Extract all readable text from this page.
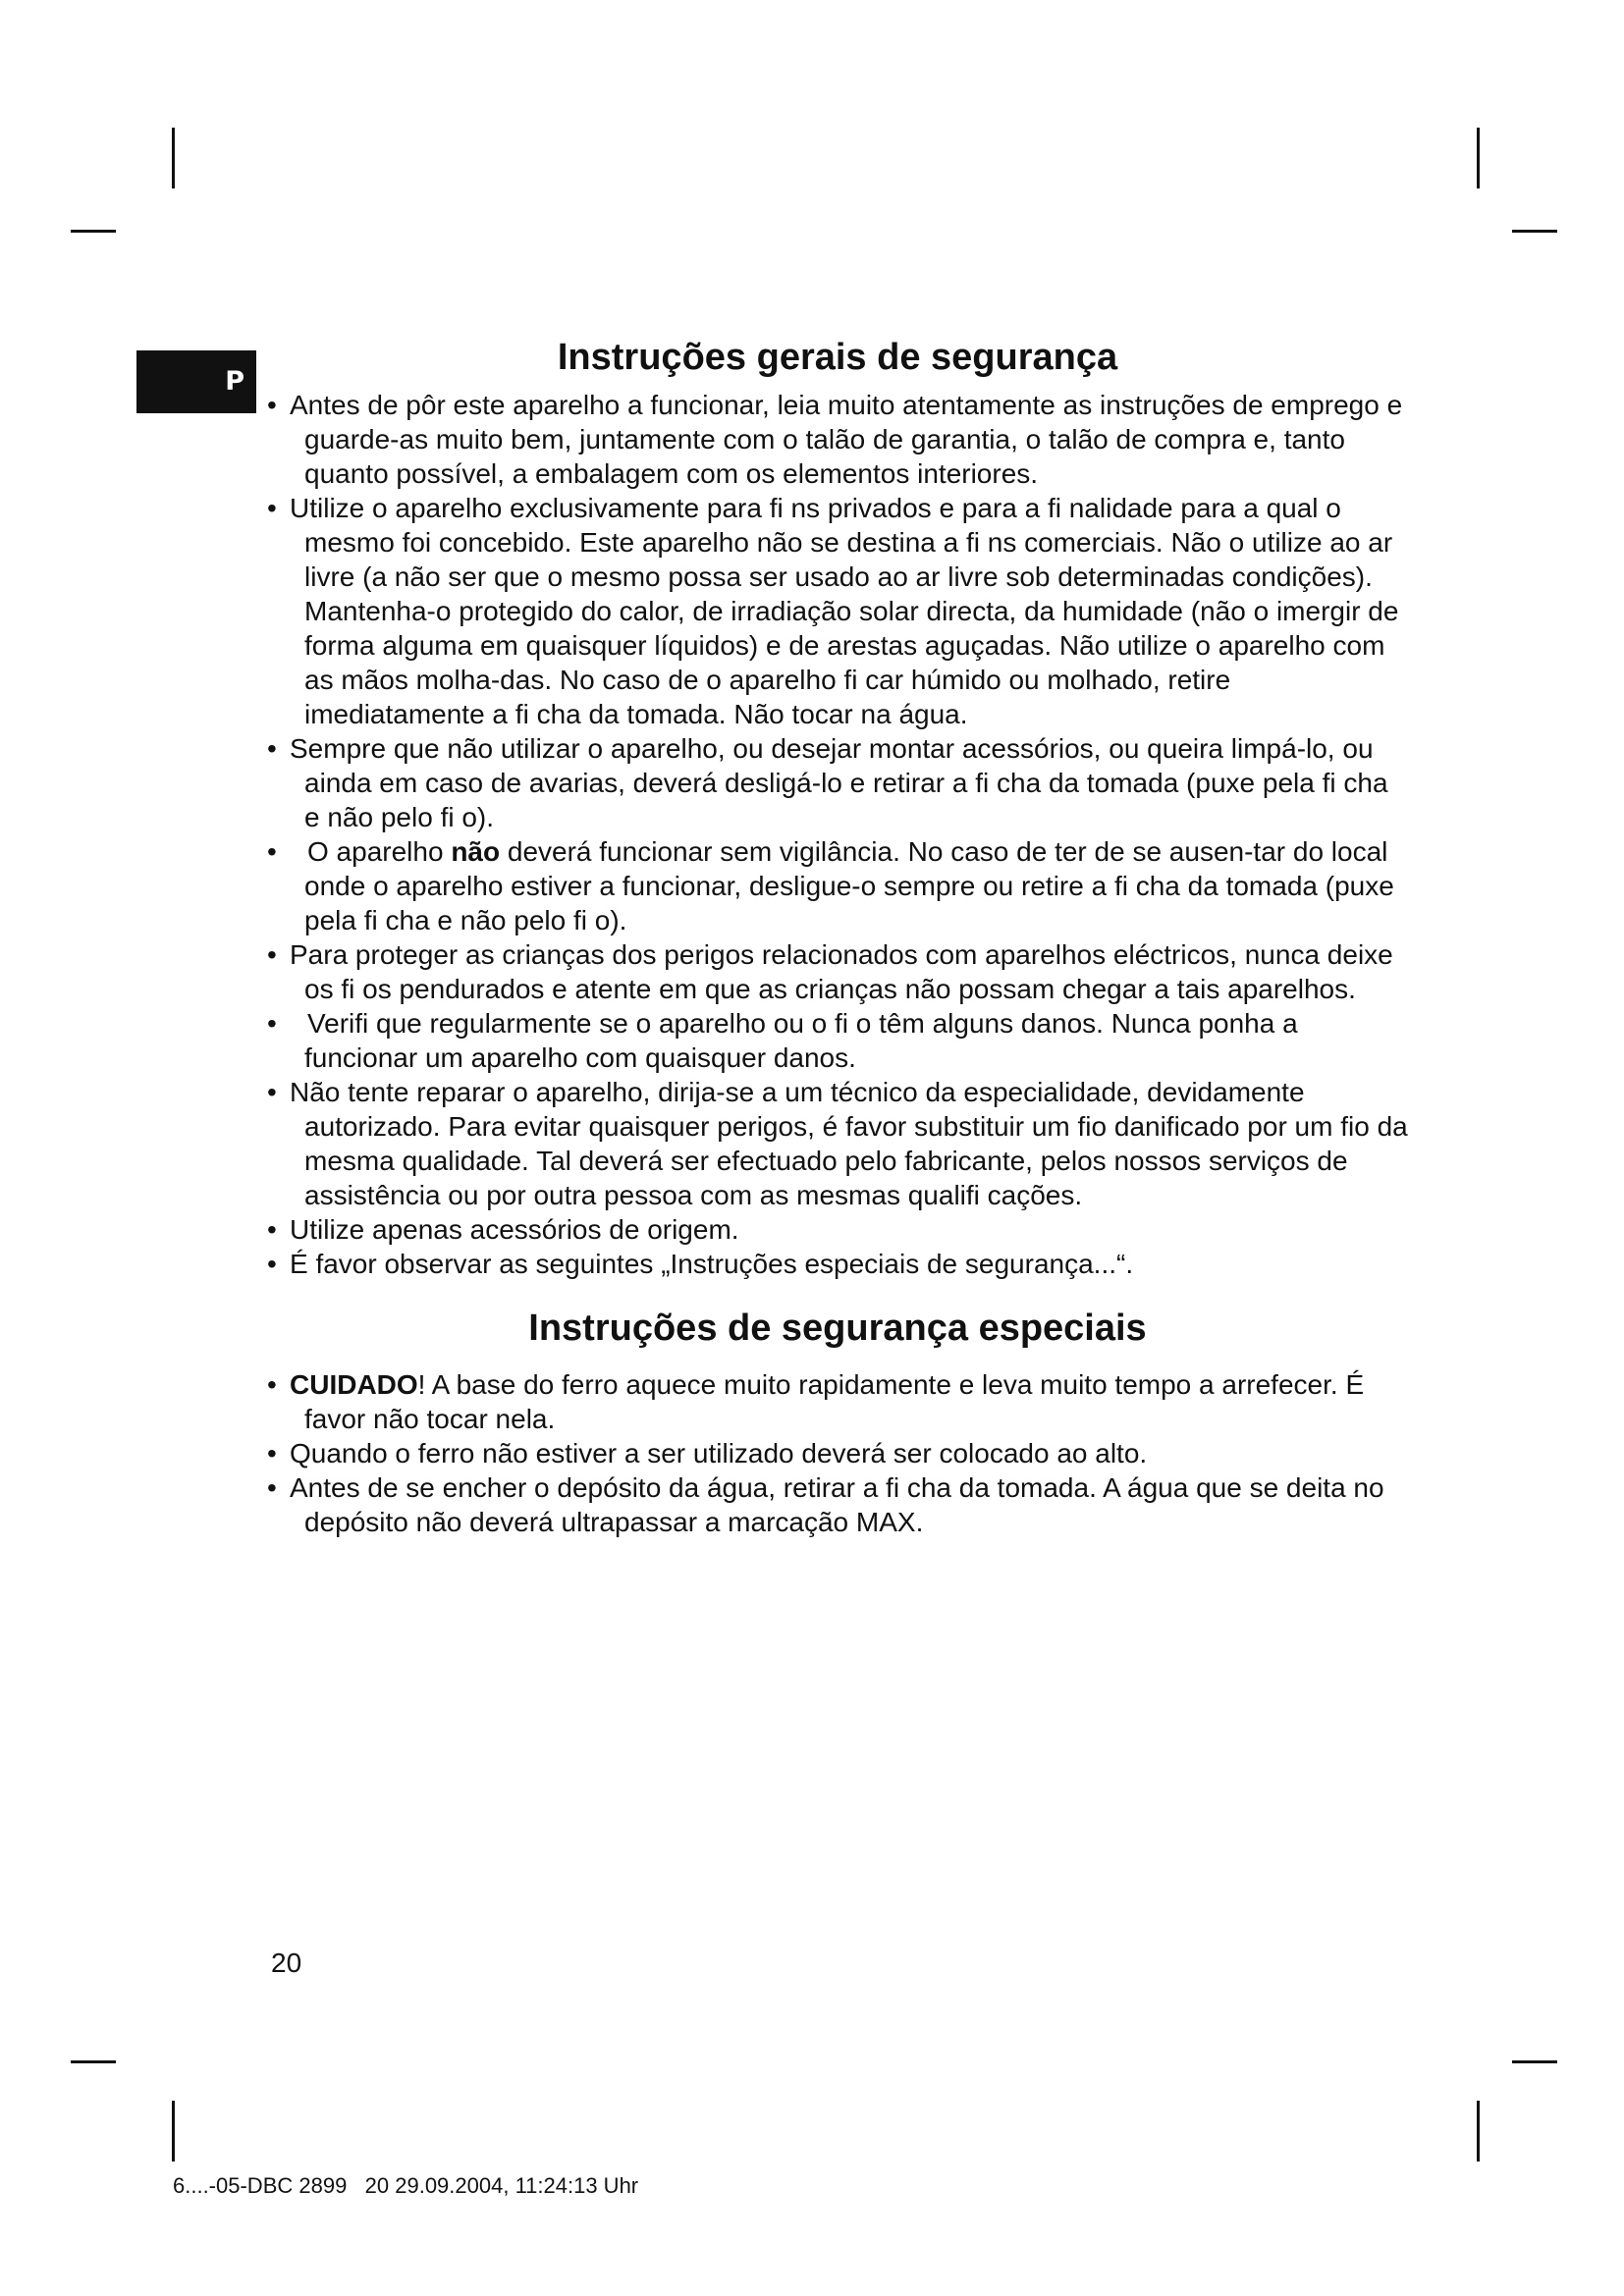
P
Instruções gerais de segurança
• Antes de pôr este aparelho a funcionar, leia muito atentamente as instruções de emprego e guarde-as muito bem, juntamente com o talão de garantia, o talão de compra e, tanto quanto possível, a embalagem com os elementos interiores.
• Utilize o aparelho exclusivamente para fi ns privados e para a fi nalidade para a qual o mesmo foi concebido. Este aparelho não se destina a fi ns comerciais. Não o utilize ao ar livre (a não ser que o mesmo possa ser usado ao ar livre sob determinadas condições). Mantenha-o protegido do calor, de irradiação solar directa, da humidade (não o imergir de forma alguma em quaisquer líquidos) e de arestas aguçadas. Não utilize o aparelho com as mãos molha-das. No caso de o aparelho fi car húmido ou molhado, retire imediatamente a fi cha da tomada. Não tocar na água.
• Sempre que não utilizar o aparelho, ou desejar montar acessórios, ou queira limpá-lo, ou ainda em caso de avarias, deverá desligá-lo e retirar a fi cha da tomada (puxe pela fi cha e não pelo fi o).
• O aparelho não deverá funcionar sem vigilância. No caso de ter de se ausen-tar do local onde o aparelho estiver a funcionar, desligue-o sempre ou retire a fi cha da tomada (puxe pela fi cha e não pelo fi o).
• Para proteger as crianças dos perigos relacionados com aparelhos eléctricos, nunca deixe os fi os pendurados e atente em que as crianças não possam chegar a tais aparelhos.
• Verifi que regularmente se o aparelho ou o fi o têm alguns danos. Nunca ponha a funcionar um aparelho com quaisquer danos.
• Não tente reparar o aparelho, dirija-se a um técnico da especialidade, devidamente autorizado. Para evitar quaisquer perigos, é favor substituir um fio danificado por um fio da mesma qualidade. Tal deverá ser efectuado pelo fabricante, pelos nossos serviços de assistência ou por outra pessoa com as mesmas qualifi cações.
• Utilize apenas acessórios de origem.
• É favor observar as seguintes „Instruções especiais de segurança...“.
Instruções de segurança especiais
• CUIDADO! A base do ferro aquece muito rapidamente e leva muito tempo a arrefecer. É favor não tocar nela.
• Quando o ferro não estiver a ser utilizado deverá ser colocado ao alto.
• Antes de se encher o depósito da água, retirar a fi cha da tomada. A água que se deita no depósito não deverá ultrapassar a marcação MAX.
20
6....-05-DBC 2899   20 29.09.2004, 11:24:13 Uhr
